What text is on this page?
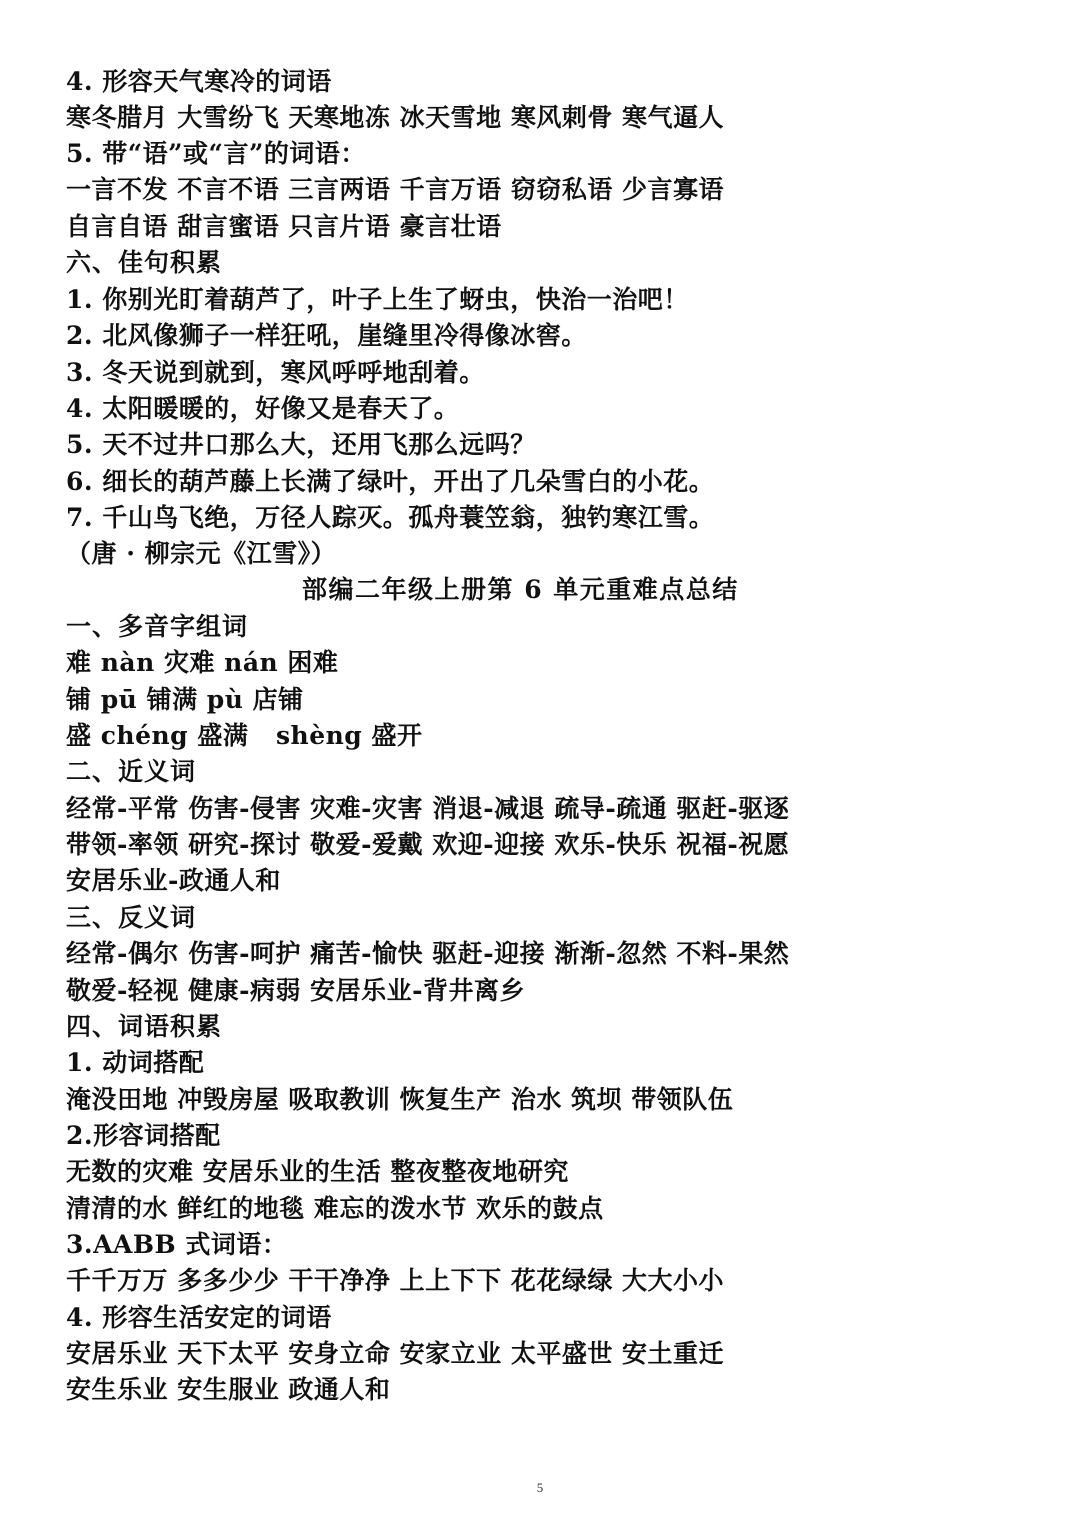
4. 形容天气寒冷的词语
寒冬腊月 大雪纷飞 天寒地冻 冰天雪地 寒风刺骨 寒气逼人
5. 带“语”或“言”的词语：
一言不发 不言不语 三言两语 千言万语 窃窃私语 少言寡语
自言自语 甜言蜜语 只言片语 豪言壮语
六、佳句积累
1. 你别光盯着葫芦了，叶子上生了蚜虫，快治一治吧！
2. 北风像狮子一样狂吼，崖缝里冷得像冰窖。
3. 冬天说到就到，寒风呼呼地刮着。
4. 太阳暖暖的，好像又是春天了。
5. 天不过井口那么大，还用飞那么远吗？
6. 细长的葫芦藤上长满了绿叶，开出了几朵雪白的小花。
7. 千山鸟飞绝，万径人踪灭。孤舟蓑笠翁，独钓寒江雪。
（唐 · 柳宗元《江雪》）
部编二年级上册第 6 单元重难点总结
一、多音字组词
难 nàn 灾难 nán 困难
铺 pū 铺满 pù 店铺
盛 chéng 盛满   shèng 盛开
二、近义词
经常-平常 伤害-侵害 灾难-灾害 消退-减退 疏导-疏通 驱赶-驱逐
带领-率领 研究-探讨 敬爱-爱戴 欢迎-迎接 欢乐-快乐 祝福-祝愿
安居乐业-政通人和
三、反义词
经常-偶尔 伤害-呵护 痛苦-愉快 驱赶-迎接 渐渐-忽然 不料-果然
敬爱-轻视 健康-病弱 安居乐业-背井离乡
四、词语积累
1. 动词搭配
淹没田地 冲毁房屋 吸取教训 恢复生产 治水 筑坝 带领队伍
2.形容词搭配
无数的灾难 安居乐业的生活 整夜整夜地研究
清清的水 鲜红的地毯 难忘的泼水节 欢乐的鼓点
3.AABB 式词语：
千千万万 多多少少 干干净净 上上下下 花花绿绿 大大小小
4. 形容生活安定的词语
安居乐业 天下太平 安身立命 安家立业 太平盛世 安土重迁
安生乐业 安生服业 政通人和
5
